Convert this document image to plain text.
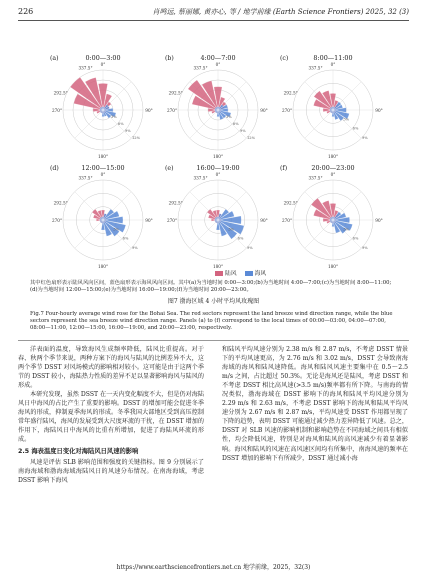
226	肖鸣远, 蔡丽娜, 黄亦心, 等 / 地学前缘 (Earth Science Frontiers) 2025, 32 (3)
(a)	0:00—3:00
0°
90°
180°
270°
292.5°
337.5°
3%
6%
9%
12%
(b)	4:00—7:00
0°
90°
180°
270°
292.5°
337.5°
3%
6%
9%
12%
(c)	8:00—11:00
0°
90°
180°
270°
292.5°
337.5°
3%
6%
9%
(d)	12:00—15:00
0°
90°
180°
270°
292.5°
337.5°
3%
6%
9%
(e)	16:00—19:00
0°
90°
180°
270°
292.5°
337.5°
3%
6%
9%
(f)	20:00—23:00
0°
90°
180°
270°
292.5°
337.5°
3%
6%
9%
陆风	海风
其中红色扇形表示陆风风向区间，蓝色扇形表示海风风向区间。其中(a)为当地时间 0:00—3:00;(b)为当地时间 4:00—7:00;(c)为当地时间 8:00—11:00;(d)为当地时间 12:00—15:00;(e)为当地时间 16:00—19:00;(f)为当地时间 20:00—23:00。
图7 渤海区域 4 小时平均风玫瑰图
Fig.7 Four-hourly average wind rose for the Bohai Sea. The red sectors represent the land breeze wind direction range, while the blue sectors represent the sea breeze wind direction range. Panels (a) to (f) correspond to the local times of 00:00—03:00, 04:00—07:00, 08:00—11:00, 12:00—15:00, 16:00—19:00, and 20:00—23:00, respectively.

洋表面的温度，导致海风生成频率降低，陆风比重提高。对于春、秋两个季节来说，两种方案下的海风与陆风的比例差异不大，这两个季节 DSST 对风场模式的影响相对较小。这可能是由于这两个季节的 DSST 较小，海陆热力性质的差异不足以显著影响海风与陆风的形成。

本研究发现，虽然 DSST 在一天内变化幅度不大，但是仍对海陆风日中海风的占比产生了重要的影响。DSST 的增加可能会促进冬季海风的形成，抑制夏季海风的形成。冬季我国大部地区受到高压控制常年盛行陆风，海风的发展受到大尺度环流的干扰，在 DSST 增加的作用下，海陆风日中海风的比重有所增加，促进了海陆风环流的形成。

2.5 海表温度日变化对海陆风日风速的影响

风速是评估 SLB 影响范围和强度的关键指标。图 9 分别展示了南海海域和渤海海域海陆风日的风速分布情况。在南海海域，考虑 DSST 影响下海风

和陆风平均风速分别为 2.38 m/s 和 2.87 m/s，不考虑 DSST 情景下的平均风速更高，为 2.76 m/s 和 3.02 m/s，DSST 会导致南海海域的海风和陆风速降低。海风和陆风风速主要集中在 0.5～2.5 m/s 之间，占比超过 50.3%。无论是海风还是陆风，考虑 DSST 和不考虑 DSST 相比高风速(>3.5 m/s)频率都有所下降。与南海的情况类似，渤海海域在 DSST 影响下的海风和陆风平均风速分别为 2.29 m/s 和 2.63 m/s，不考虑 DSST 影响下的海风和陆风平均风速分别为 2.67 m/s 和 2.87 m/s，平均风速受 DSST 作用都呈现了下降的趋势，表明 DSST 可能通过减少热力差异降低了风速。总之，DSST 对 SLB 风速的影响机制和影响趋势在不同海域之间具有相似性，均会降低风速，特别是对海风和陆风的高风速减少有着显著影响。海风和陆风的风速在高风速区间均有所集中，南海风速的频率在 DSST 增加的影响下有所减少，DSST 通过减小海

https://www.earthsciencefrontiers.net.cn 地学前缘，2025，32(3)
